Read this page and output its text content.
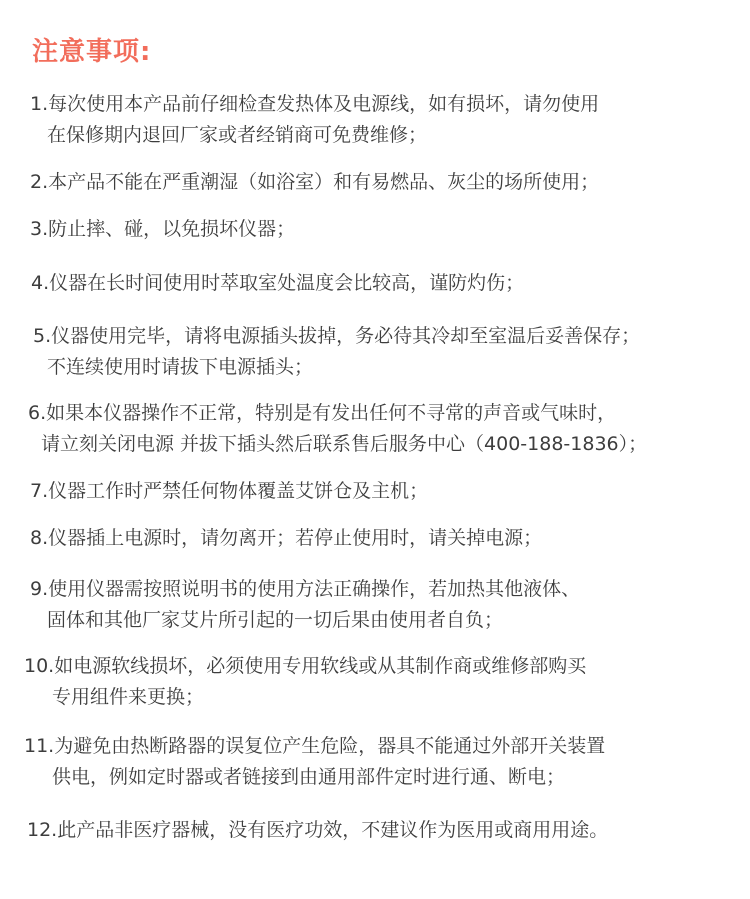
注意事项:
1.每次使用本产品前仔细检查发热体及电源线，如有损坏，请勿使用
在保修期内退回厂家或者经销商可免费维修；
2.本产品不能在严重潮湿（如浴室）和有易燃品、灰尘的场所使用；
3.防止摔、碰，以免损坏仪器；
4.仪器在长时间使用时萃取室处温度会比较高，谨防灼伤；
5.仪器使用完毕，请将电源插头拔掉，务必待其冷却至室温后妥善保存；
不连续使用时请拔下电源插头；
6.如果本仪器操作不正常，特别是有发出任何不寻常的声音或气味时，
请立刻关闭电源 并拔下插头然后联系售后服务中心（400-188-1836）；
7.仪器工作时严禁任何物体覆盖艾饼仓及主机；
8.仪器插上电源时，请勿离开；若停止使用时，请关掉电源；
9.使用仪器需按照说明书的使用方法正确操作，若加热其他液体、
固体和其他厂家艾片所引起的一切后果由使用者自负；
10.如电源软线损坏，必须使用专用软线或从其制作商或维修部购买
专用组件来更换；
11.为避免由热断路器的误复位产生危险，器具不能通过外部开关装置
供电，例如定时器或者链接到由通用部件定时进行通、断电；
12.此产品非医疗器械，没有医疗功效，不建议作为医用或商用用途。
